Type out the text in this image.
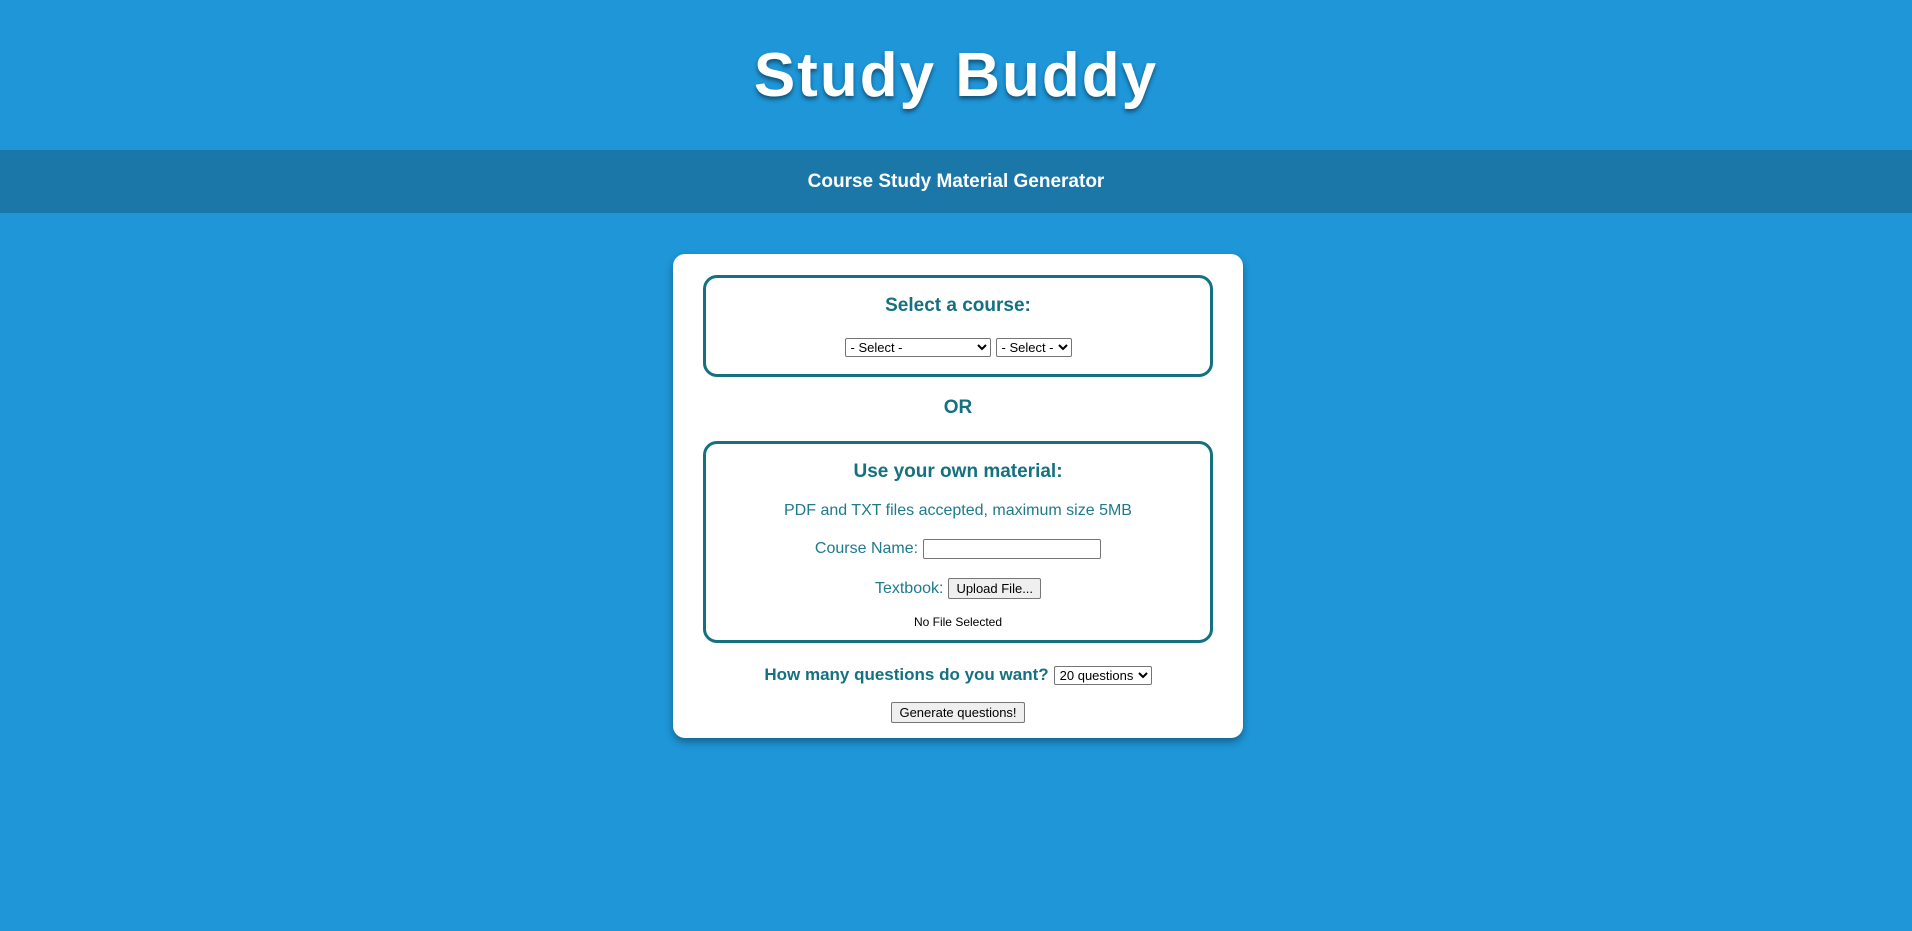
Study Buddy
Course Study Material Generator
Select a course:
- Select -
- Select -
OR
Use your own material:
PDF and TXT files accepted, maximum size 5MB
Course Name:
Textbook:	Upload File...
No File Selected
How many questions do you want?
20 questions
Generate questions!
